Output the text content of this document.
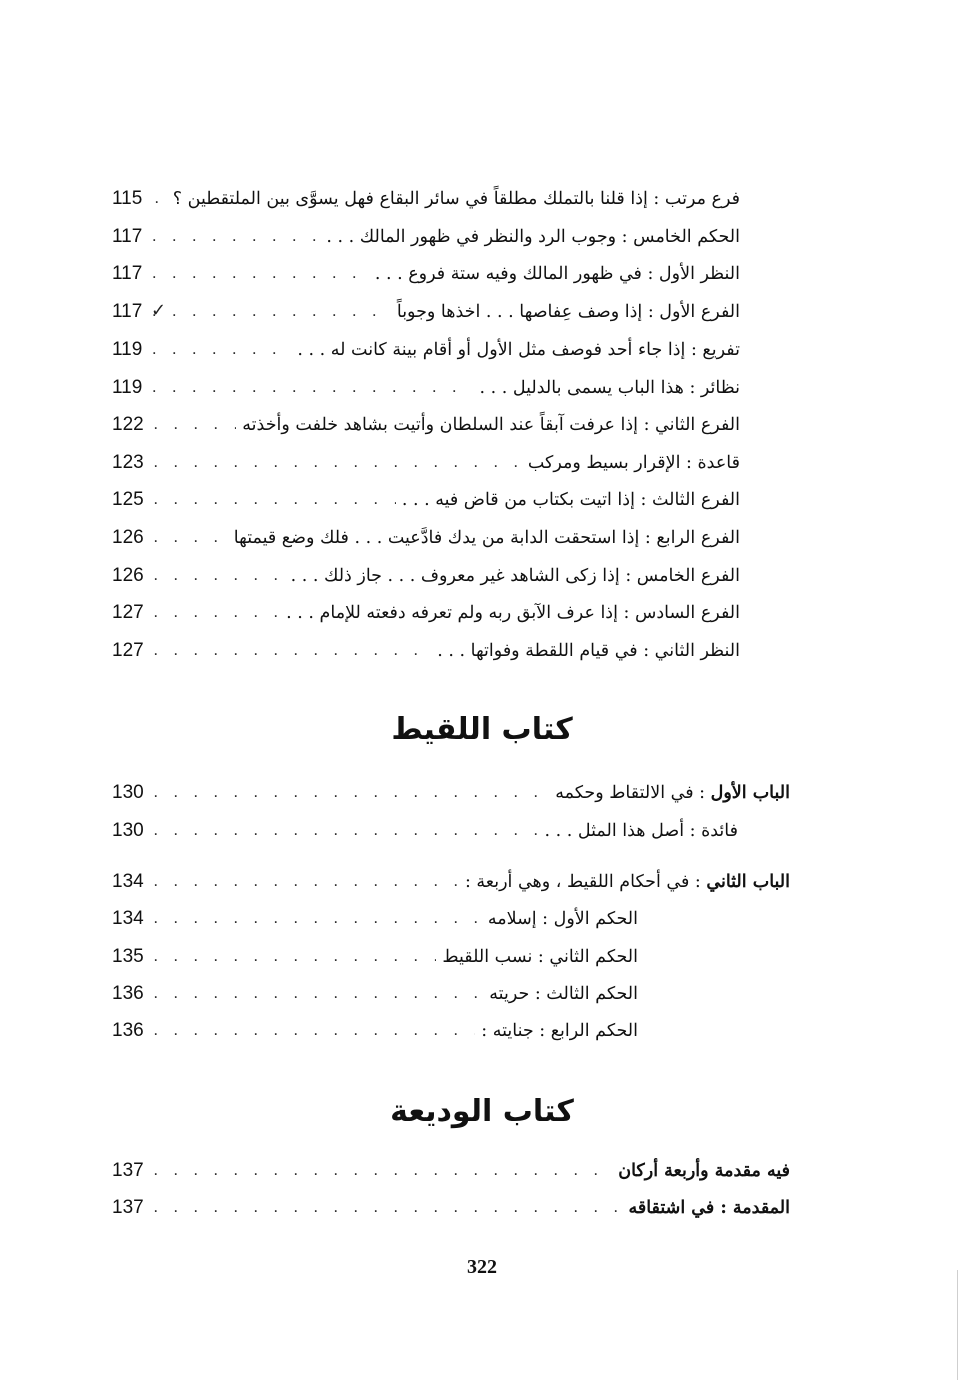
فرع مرتب : إذا قلنا بالتملك مطلقاً في سائر البقاع فهل يسوَّى بين الملتقطين ؟
. . .
115
الحكم الخامس : وجوب الرد والنظر في ظهور المالك . . .
. . .
117
النظر الأول : في ظهور المالك وفيه ستة فروع . . .
. . .
117
الفرع الأول : إذا وصف عِفاصها . . . اخذها وجوباً
. . .
117
تفريع : إذا جاء أحد فوصف مثل الأول أو أقام بينة كانت له . . .
. . .
119
نظائر : هذا الباب يسمى بالدليل . . .
. . .
119
الفرع الثاني : إذا عرفت آبقاً عند السلطان وأتيت بشاهد خلفت وأخذته
. . .
122
قاعدة : الإقرار بسيط ومركب
. . .
123
الفرع الثالث : إذا اتيت بكتاب من قاض فيه . . .
. . .
125
الفرع الرابع : إذا استحقت الدابة من يدك فادَّعيت . . . فلك وضع قيمتها
. . .
126
الفرع الخامس : إذا زكى الشاهد غير معروف . . . جاز ذلك . . .
. . .
126
الفرع السادس : إذا عرف الآبق ربه ولم تعرفه دفعته للإمام . . .
. . .
127
النظر الثاني : في قيام اللقطة وفواتها . . .
. . .
127
✓
كتاب اللقيط
الباب الأول : في الالتقاط وحكمه
. . .
130
فائدة : أصل هذا المثل . . .
. . .
130
الباب الثاني : في أحكام اللقيط ، وهي أربعة :
. . .
134
الحكم الأول : إسلامه
. . .
134
الحكم الثاني : نسب اللقيط
. . .
135
الحكم الثالث : حريته
. . .
136
الحكم الرابع : جنايته :
. . .
136
كتاب الوديعة
فيه مقدمة وأربعة أركان
. . .
137
المقدمة : في اشتقاقه
. . .
137
322
